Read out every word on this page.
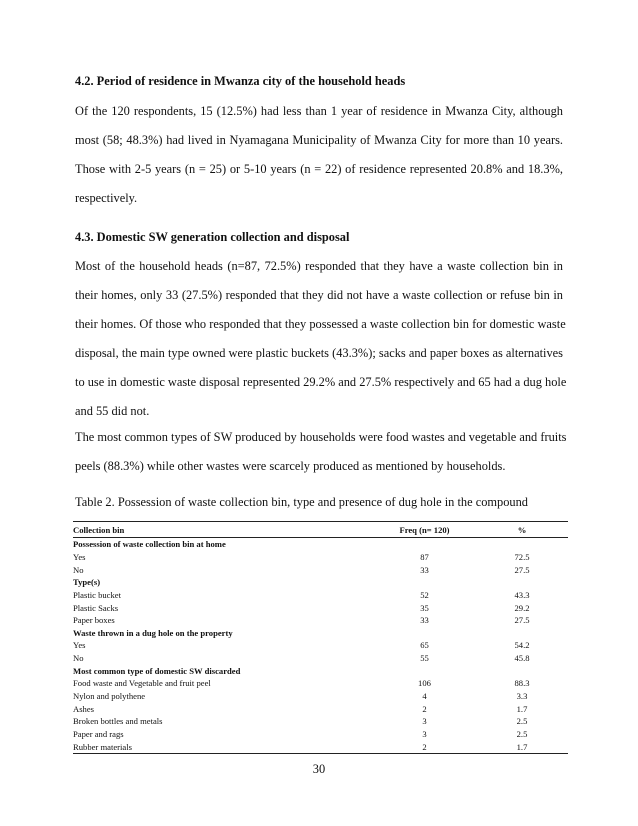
4.2. Period of residence in Mwanza city of the household heads
Of the 120 respondents, 15 (12.5%) had less than 1 year of residence in Mwanza City, although
most (58; 48.3%) had lived in Nyamagana Municipality of Mwanza City for more than 10 years.
Those with 2-5 years (n = 25) or 5-10 years (n = 22) of residence represented 20.8% and 18.3%,
respectively.
4.3. Domestic SW generation collection and disposal
Most of the household heads (n=87, 72.5%) responded that they have a waste collection bin in
their homes, only 33 (27.5%) responded that they did not have a waste collection or refuse bin in
their homes. Of those who responded that they possessed a waste collection bin for domestic waste
disposal, the main type owned were plastic buckets (43.3%); sacks and paper boxes as alternatives
to use in domestic waste disposal represented 29.2% and 27.5% respectively and 65 had a dug hole
and 55 did not.
The most common types of SW produced by households were food wastes and vegetable and fruits
peels (88.3%) while other wastes were scarcely produced as mentioned by households.
Table 2. Possession of waste collection bin, type and presence of dug hole in the compound
Collection bin	Freq (n= 120)	%
Possession of waste collection bin at home		
Yes	87	72.5
No	33	27.5
Type(s)		
Plastic bucket	52	43.3
Plastic Sacks	35	29.2
Paper boxes	33	27.5
Waste thrown in a dug hole on the property		
Yes	65	54.2
No	55	45.8
Most common type of domestic SW discarded		
Food waste and Vegetable and fruit peel	106	88.3
Nylon and polythene	4	3.3
Ashes	2	1.7
Broken bottles and metals	3	2.5
Paper and rags	3	2.5
Rubber materials	2	1.7
30
